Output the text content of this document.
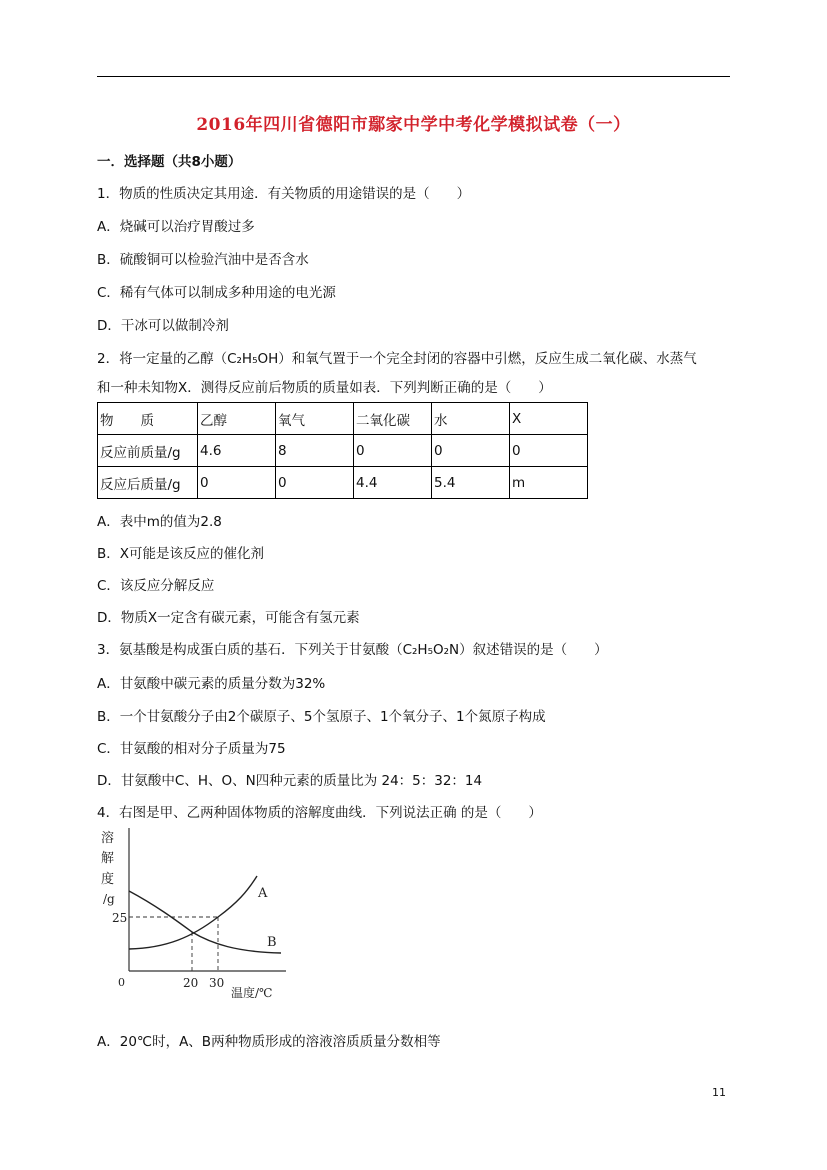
2016年四川省德阳市鄢家中学中考化学模拟试卷（一）
一．选择题（共8小题）
1．物质的性质决定其用途．有关物质的用途错误的是（　　）
A．烧碱可以治疗胃酸过多
B．硫酸铜可以检验汽油中是否含水
C．稀有气体可以制成多种用途的电光源
D．干冰可以做制冷剂
2．将一定量的乙醇（C₂H₅OH）和氧气置于一个完全封闭的容器中引燃，反应生成二氧化碳、水蒸气
和一种未知物X．测得反应前后物质的质量如表．下列判断正确的是（　　）
物　　质	乙醇	氧气	二氧化碳	水	X
反应前质量/g	4.6	8	0	0	0
反应后质量/g	0	0	4.4	5.4	m
A．表中m的值为2.8
B．X可能是该反应的催化剂
C．该反应分解反应
D．物质X一定含有碳元素，可能含有氢元素
3．氨基酸是构成蛋白质的基石．下列关于甘氨酸（C₂H₅O₂N）叙述错误的是（　　）
A．甘氨酸中碳元素的质量分数为32%
B．一个甘氨酸分子由2个碳原子、5个氢原子、1个氧分子、1个氮原子构成
C．甘氨酸的相对分子质量为75
D．甘氨酸中C、H、O、N四种元素的质量比为 24：5：32：14
4．右图是甲、乙两种固体物质的溶解度曲线．下列说法正确 的是（　　）
溶
解
度
/g	A
B
25
0	20 30
温度/℃
A．20℃时，A、B两种物质形成的溶液溶质质量分数相等
11
